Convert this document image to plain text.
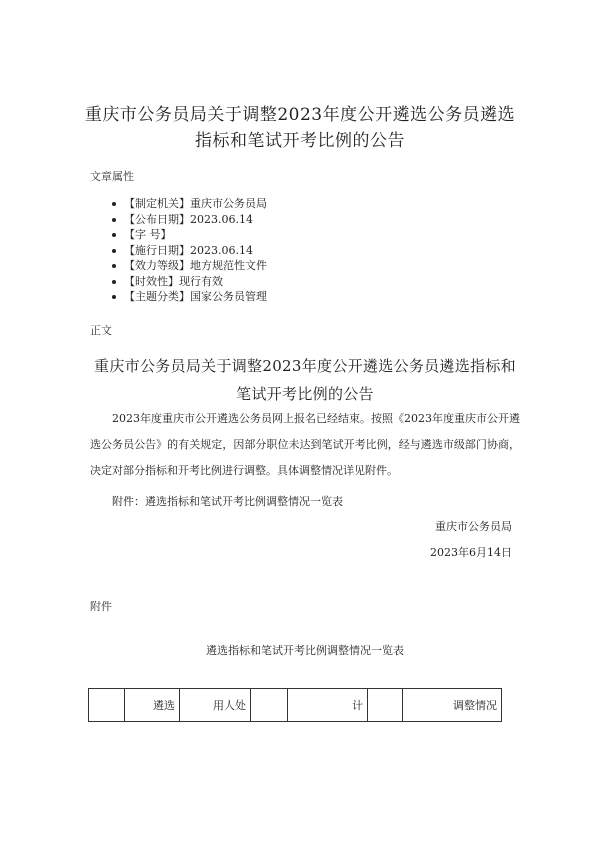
重庆市公务员局关于调整2023年度公开遴选公务员遴选指标和笔试开考比例的公告
文章属性
【制定机关】重庆市公务员局
【公布日期】2023.06.14
【字 号】
【施行日期】2023.06.14
【效力等级】地方规范性文件
【时效性】现行有效
【主题分类】国家公务员管理
正文
重庆市公务员局关于调整2023年度公开遴选公务员遴选指标和笔试开考比例的公告

2023年度重庆市公开遴选公务员网上报名已经结束。按照《2023年度重庆市公开遴选公务员公告》的有关规定，因部分职位未达到笔试开考比例，经与遴选市级部门协商，决定对部分指标和开考比例进行调整。具体调整情况详见附件。

附件：遴选指标和笔试开考比例调整情况一览表
重庆市公务员局
2023年6月14日
附件
遴选指标和笔试开考比例调整情况一览表
	遴选	用人处		计		调整情况
